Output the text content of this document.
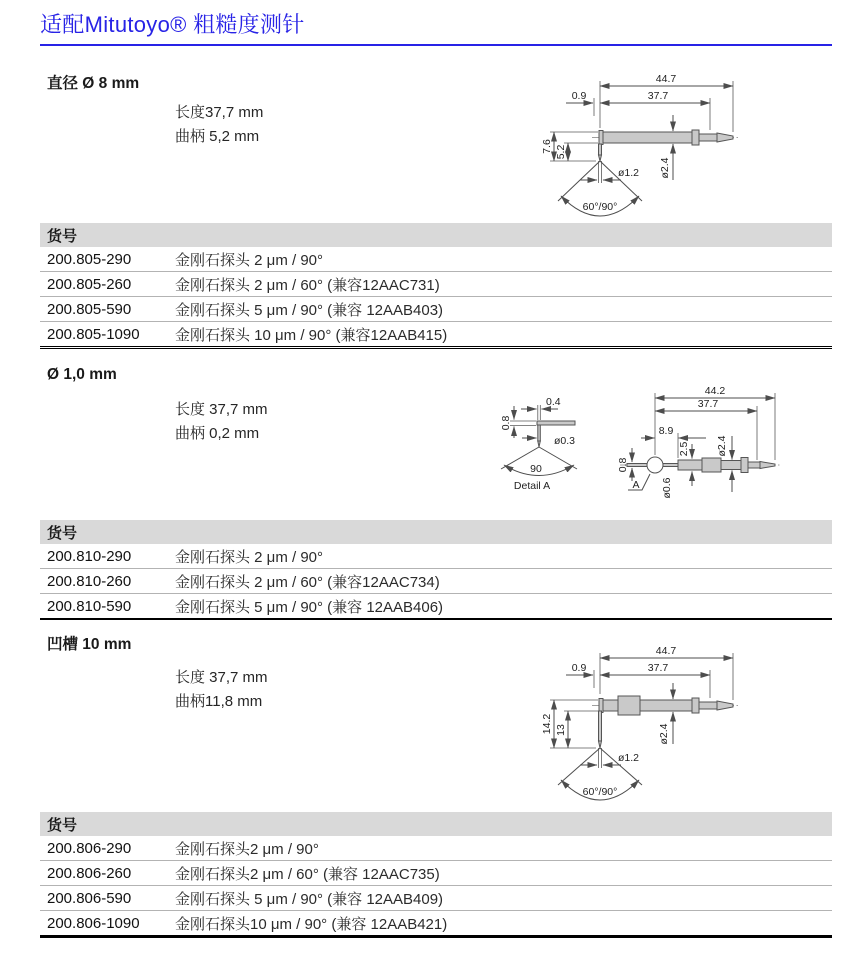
适配Mitutoyo® 粗糙度测针
直径 Ø 8 mm
长度37,7 mm
曲柄 5,2 mm
44.7
0.9	37.7
7.6 5.2
ø2.4
ø1.2
60°/90°
货号
200.805-290	金刚石探头 2 μm / 90°
200.805-260	金刚石探头 2 μm / 60° (兼容12AAC731)
200.805-590	金刚石探头 5 μm / 90° (兼容 12AAB403)
200.805-1090	金刚石探头 10 μm / 90° (兼容12AAB415)
Ø 1,0 mm
长度 37,7 mm
曲柄 0,2 mm
0.4
0.8
ø0.3
90
Detail A
44.2
37.7
8.9
2.5 ø2.4
0.8
A ø0.6
货号
200.810-290	金刚石探头 2 μm / 90°
200.810-260	金刚石探头 2 μm / 60° (兼容12AAC734)
200.810-590	金刚石探头 5 μm / 90° (兼容 12AAB406)
凹槽 10 mm
长度 37,7 mm
曲柄11,8 mm
44.7
0.9	37.7
14.2 13	ø2.4
ø1.2
60°/90°
货号
200.806-290	金刚石探头2 μm / 90°
200.806-260	金刚石探头2 μm / 60° (兼容 12AAC735)
200.806-590	金刚石探头 5 μm / 90° (兼容 12AAB409)
200.806-1090	金刚石探头10 μm / 90° (兼容 12AAB421)
